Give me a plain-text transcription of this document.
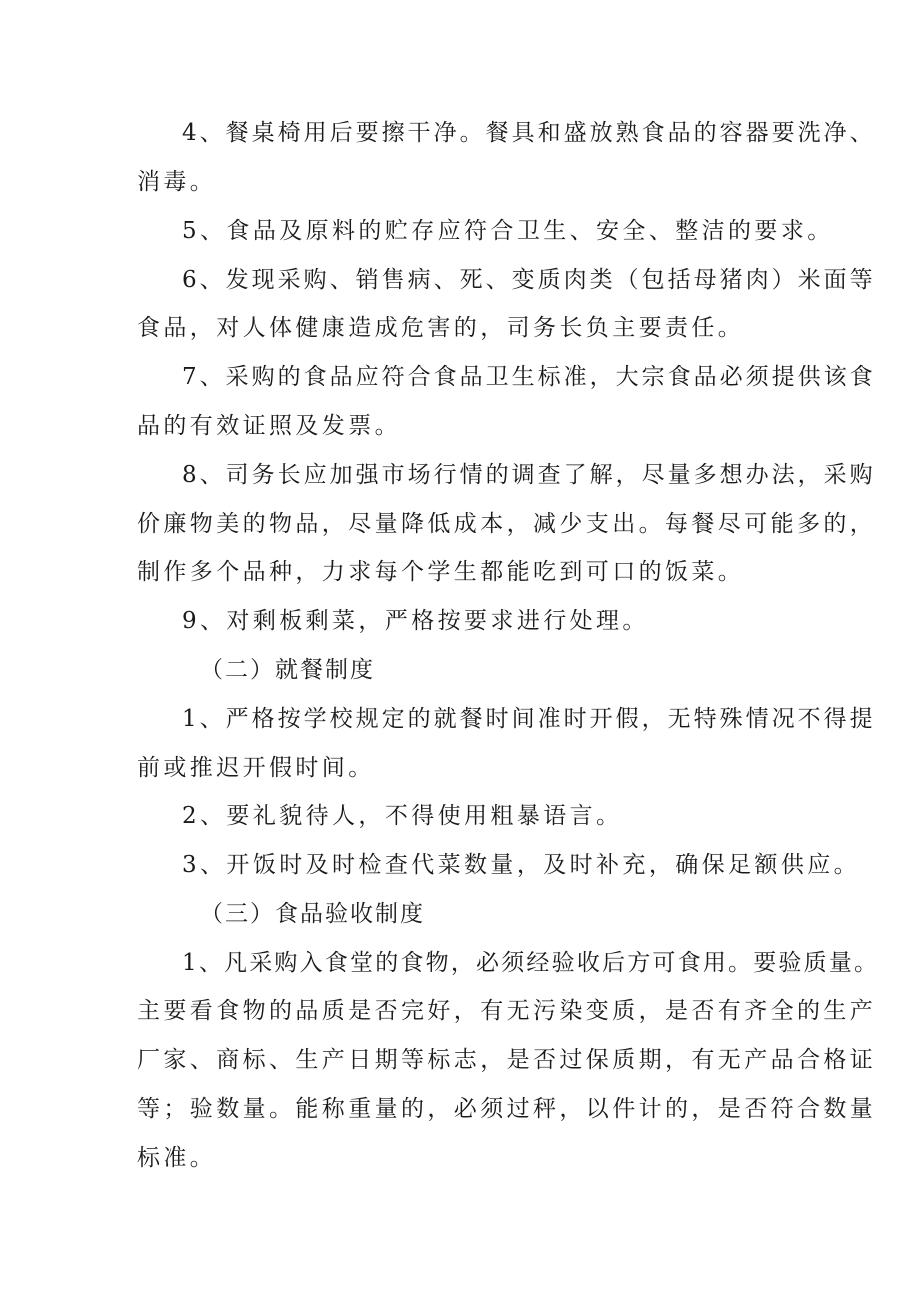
4、餐桌椅用后要擦干净。餐具和盛放熟食品的容器要洗净、
消毒。
5、食品及原料的贮存应符合卫生、安全、整洁的要求。
6、发现采购、销售病、死、变质肉类（包括母猪肉）米面等
食品，对人体健康造成危害的，司务长负主要责任。
7、采购的食品应符合食品卫生标准，大宗食品必须提供该食
品的有效证照及发票。
8、司务长应加强市场行情的调查了解，尽量多想办法，采购
价廉物美的物品，尽量降低成本，减少支出。每餐尽可能多的，
制作多个品种，力求每个学生都能吃到可口的饭菜。
9、对剩板剩菜，严格按要求进行处理。
（二）就餐制度
1、严格按学校规定的就餐时间准时开假，无特殊情况不得提
前或推迟开假时间。
2、要礼貌待人，不得使用粗暴语言。
3、开饭时及时检查代菜数量，及时补充，确保足额供应。
（三）食品验收制度
1、凡采购入食堂的食物，必须经验收后方可食用。要验质量。
主要看食物的品质是否完好，有无污染变质，是否有齐全的生产
厂家、商标、生产日期等标志，是否过保质期，有无产品合格证
等；验数量。能称重量的，必须过秤，以件计的，是否符合数量
标准。
